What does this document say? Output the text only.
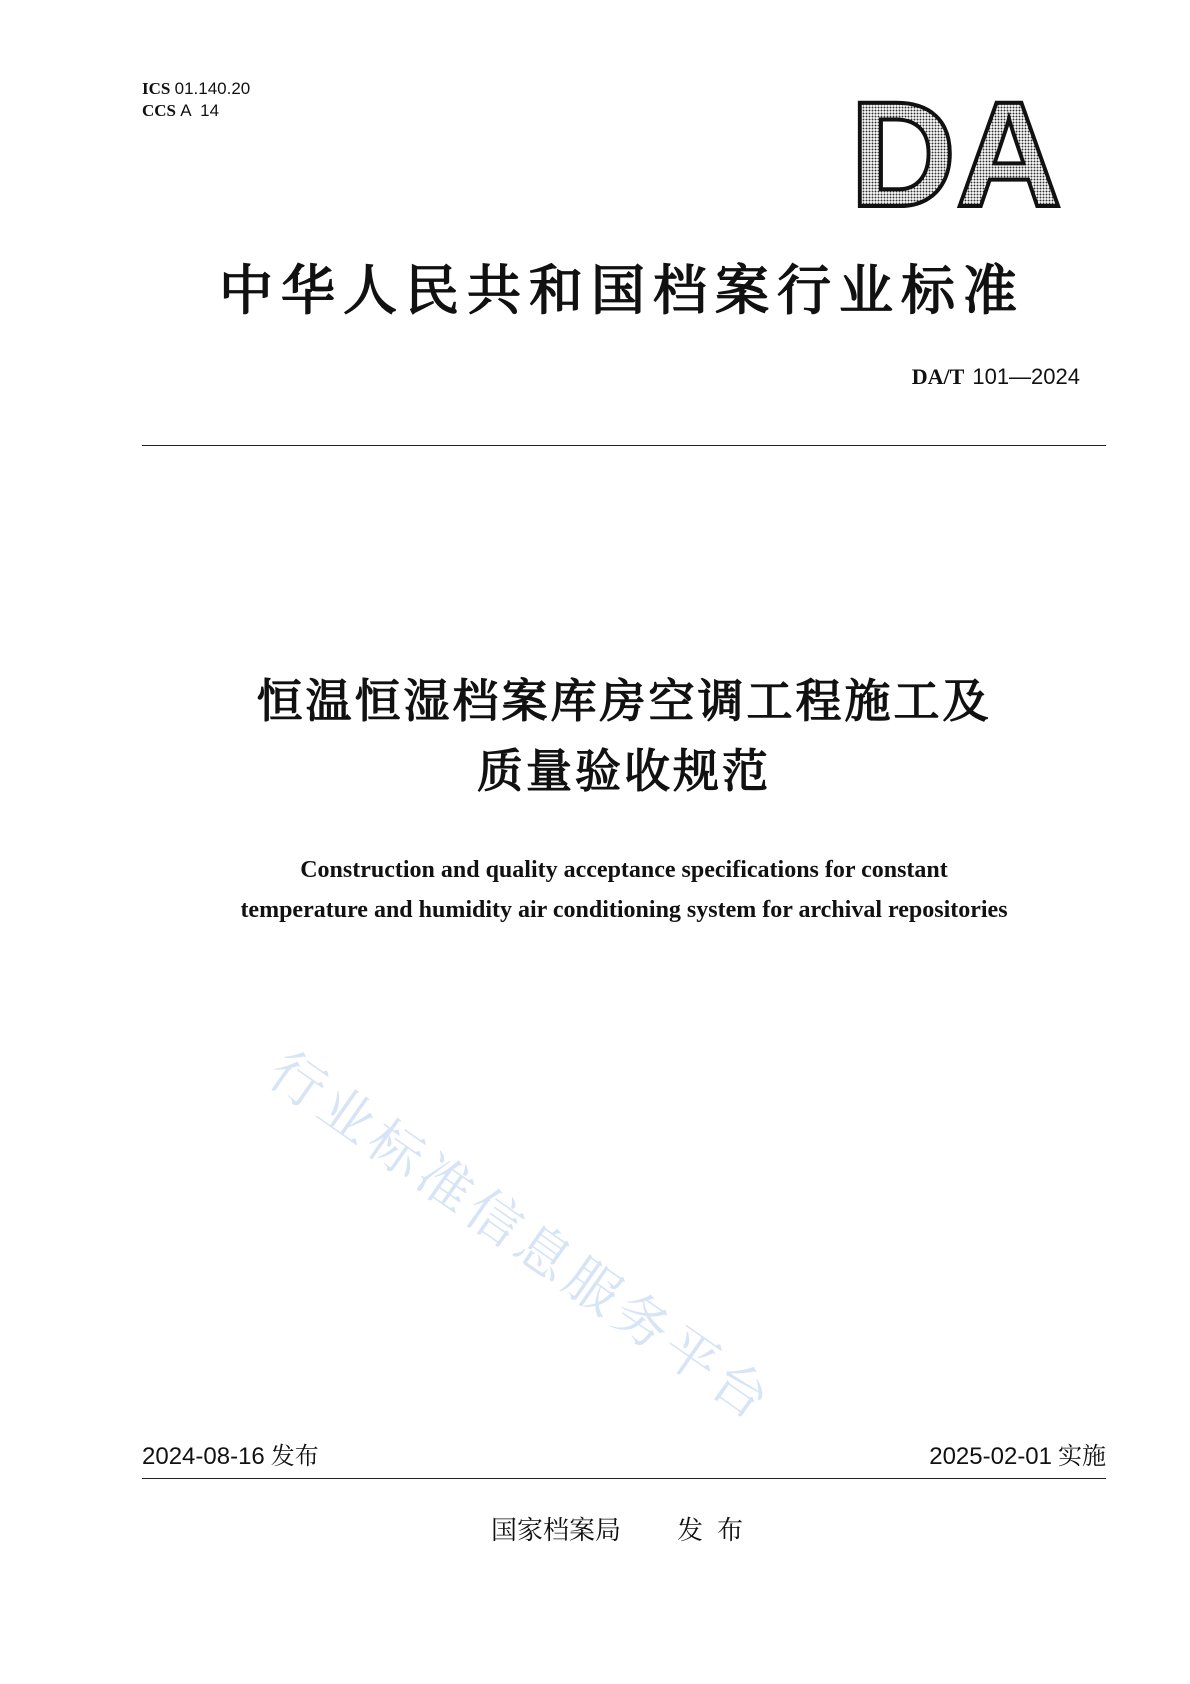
ICS 01.140.20
CCS A  14	DA
中华人民共和国档案行业标准
DA/T 101—2024
恒温恒湿档案库房空调工程施工及
质量验收规范
Construction and quality acceptance specifications for constant
temperature and humidity air conditioning system for archival repositories
行业标准信息服务平台
2024-08-16 发布	2025-02-01 实施
国家档案局 发布
